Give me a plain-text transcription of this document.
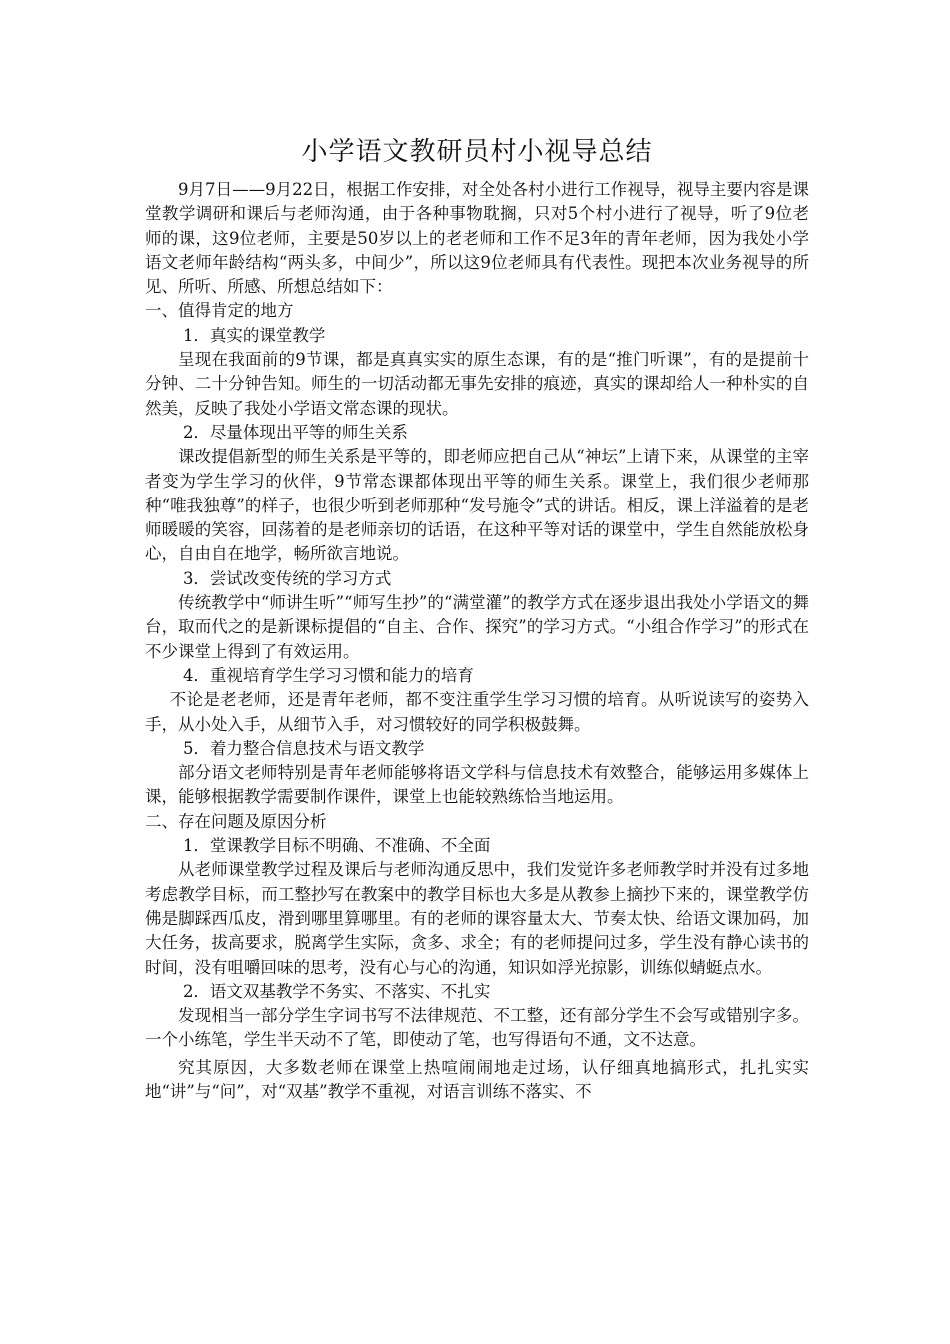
小学语文教研员村小视导总结

9月7日——9月22日，根据工作安排，对全处各村小进行工作视导，视导主要内容是课堂教学调研和课后与老师沟通，由于各种事物耽搁，只对5个村小进行了视导，听了9位老师的课，这9位老师，主要是50岁以上的老老师和工作不足3年的青年老师，因为我处小学语文老师年龄结构“两头多，中间少”，所以这9位老师具有代表性。现把本次业务视导的所见、所听、所感、所想总结如下：

一、值得肯定的地方

1．真实的课堂教学

呈现在我面前的9节课，都是真真实实的原生态课，有的是“推门听课”，有的是提前十分钟、二十分钟告知。师生的一切活动都无事先安排的痕迹，真实的课却给人一种朴实的自然美，反映了我处小学语文常态课的现状。

2．尽量体现出平等的师生关系

课改提倡新型的师生关系是平等的，即老师应把自己从“神坛”上请下来，从课堂的主宰者变为学生学习的伙伴，9节常态课都体现出平等的师生关系。课堂上，我们很少老师那种“唯我独尊”的样子，也很少听到老师那种“发号施令”式的讲话。相反，课上洋溢着的是老师暖暖的笑容，回荡着的是老师亲切的话语，在这种平等对话的课堂中，学生自然能放松身心，自由自在地学，畅所欲言地说。

3．尝试改变传统的学习方式

传统教学中“师讲生听”“师写生抄”的“满堂灌”的教学方式在逐步退出我处小学语文的舞台，取而代之的是新课标提倡的“自主、合作、探究”的学习方式。“小组合作学习”的形式在不少课堂上得到了有效运用。

4．重视培育学生学习习惯和能力的培育

不论是老老师，还是青年老师，都不变注重学生学习习惯的培育。从听说读写的姿势入手，从小处入手，从细节入手，对习惯较好的同学积极鼓舞。

5．着力整合信息技术与语文教学

部分语文老师特别是青年老师能够将语文学科与信息技术有效整合，能够运用多媒体上课，能够根据教学需要制作课件，课堂上也能较熟练恰当地运用。

二、存在问题及原因分析

1．堂课教学目标不明确、不准确、不全面

从老师课堂教学过程及课后与老师沟通反思中，我们发觉许多老师教学时并没有过多地考虑教学目标，而工整抄写在教案中的教学目标也大多是从教参上摘抄下来的，课堂教学仿佛是脚踩西瓜皮，滑到哪里算哪里。有的老师的课容量太大、节奏太快、给语文课加码，加大任务，拔高要求，脱离学生实际，贪多、求全；有的老师提问过多，学生没有静心读书的时间，没有咀嚼回味的思考，没有心与心的沟通，知识如浮光掠影，训练似蜻蜓点水。

2．语文双基教学不务实、不落实、不扎实

发现相当一部分学生字词书写不法律规范、不工整，还有部分学生不会写或错别字多。一个小练笔，学生半天动不了笔，即使动了笔，也写得语句不通，文不达意。

究其原因，大多数老师在课堂上热喧闹闹地走过场，认仔细真地搞形式，扎扎实实地“讲”与“问”，对“双基”教学不重视，对语言训练不落实、不
